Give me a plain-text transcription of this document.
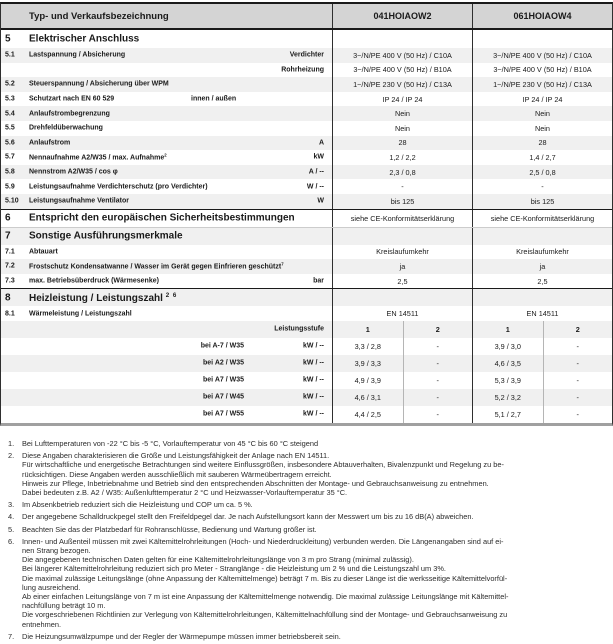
Typ- und Verkaufsbezeichnung	041HOIAOW2	061HOIAOW4
5 Elektrischer Anschluss
5.1 Lastspannung / Absicherung	Verdichter	3~/N/PE 400 V (50 Hz) / C10A	3~/N/PE 400 V (50 Hz) / C10A
Rohrheizung	3~/N/PE 400 V (50 Hz) / B10A	3~/N/PE 400 V (50 Hz) / B10A
5.2 Steuerspannung / Absicherung über WPM	1~/N/PE 230 V (50 Hz) / C13A	1~/N/PE 230 V (50 Hz) / C13A
5.3 Schutzart nach EN 60 529	innen / außen	IP 24 / IP 24	IP 24 / IP 24
5.4 Anlaufstrombegrenzung	Nein	Nein
5.5 Drehfeldüberwachung	Nein	Nein
5.6 Anlaufstrom	A	28	28
5.7 Nennaufnahme A2/W35 / max. Aufnahme$^2$	kW	1,2 / 2,2	1,4 / 2,7
5.8 Nennstrom A2/W35 / cos φ	A / --	2,3 / 0,8	2,5 / 0,8
5.9 Leistungsaufnahme Verdichterschutz (pro Verdichter)	W / --	-	-
5.10 Leistungsaufnahme Ventilator	W	bis 125	bis 125
6 Entspricht den europäischen Sicherheitsbestimmungen	siehe CE-Konformitätserklärung	siehe CE-Konformitätserklärung
7 Sonstige Ausführungsmerkmale
7.1 Abtauart	Kreislaufumkehr	Kreislaufumkehr
7.2 Frostschutz Kondensatwanne / Wasser im Gerät gegen Einfrieren geschützt$^7$	ja	ja
7.3 max. Betriebsüberdruck (Wärmesenke)	bar	2,5	2,5
8 Heizleistung / Leistungszahl $^{2 6}$
8.1 Wärmeleistung / Leistungszahl	EN 14511	EN 14511
Leistungsstufe	1	2	1	2
bei A-7 / W35	kW / --	3,3 / 2,8	-	3,9 / 3,0	-
bei A2 / W35	kW / --	3,9 / 3,3	-	4,6 / 3,5	-
bei A7 / W35	kW / --	4,9 / 3,9	-	5,3 / 3,9	-
bei A7 / W45	kW / --	4,6 / 3,1	-	5,2 / 3,2	-
bei A7 / W55	kW / --	4,4 / 2,5	-	5,1 / 2,7	-
1.	Bei Lufttemperaturen von -22 °C bis -5 °C, Vorlauftemperatur von 45 °C bis 60 °C steigend
2.	Diese Angaben charakterisieren die Größe und Leistungsfähigkeit der Anlage nach EN 14511.
Für wirtschaftliche und energetische Betrachtungen sind weitere Einflussgrößen, insbesondere Abtauverhalten, Bivalenzpunkt und Regelung zu be-
rücksichtigen. Diese Angaben werden ausschließlich mit sauberen Wärmeübertragern erreicht.
Hinweis zur Pflege, Inbetriebnahme und Betrieb sind den entsprechenden Abschnitten der Montage- und Gebrauchsanweisung zu entnehmen.
Dabei bedeuten z.B. A2 / W35: Außenlufttemperatur 2 °C und Heizwasser-Vorlauftemperatur 35 °C.
3.	Im Absenkbetrieb reduziert sich die Heizleistung und COP um ca. 5 %.
4.	Der angegebene Schalldruckpegel stellt den Freifeldpegel dar. Je nach Aufstellungsort kann der Messwert um bis zu 16 dB(A) abweichen.
5.	Beachten Sie das der Platzbedarf für Rohranschlüsse, Bedienung und Wartung größer ist.
6.	Innen- und Außenteil müssen mit zwei Kältemittelrohrleitungen (Hoch- und Niederdruckleitung) verbunden werden. Die Längenangaben sind auf ei-
nen Strang bezogen.
Die angegebenen technischen Daten gelten für eine Kältemittelrohrleitungslänge von 3 m pro Strang (minimal zulässig).
Bei längerer Kältemittelrohrleitung reduziert sich pro Meter - Stranglänge - die Heizleistung um 2 % und die Leistungszahl um 3%.
Die maximal zulässige Leitungslänge (ohne Anpassung der Kältemittelmenge) beträgt 7 m. Bis zu dieser Länge ist die werksseitige Kältemittelvorfül-
lung ausreichend.
Ab einer einfachen Leitungslänge von 7 m ist eine Anpassung der Kältemittelmenge notwendig. Die maximal zulässige Leitungslänge mit Kältemittel-
nachfüllung beträgt 10 m.
Die vorgeschriebenen Richtlinien zur Verlegung von Kältemittelrohrleitungen, Kältemittelnachfüllung sind der Montage- und Gebrauchsanweisung zu
entnehmen.
7.	Die Heizungsumwälzpumpe und der Regler der Wärmepumpe müssen immer betriebsbereit sein.
